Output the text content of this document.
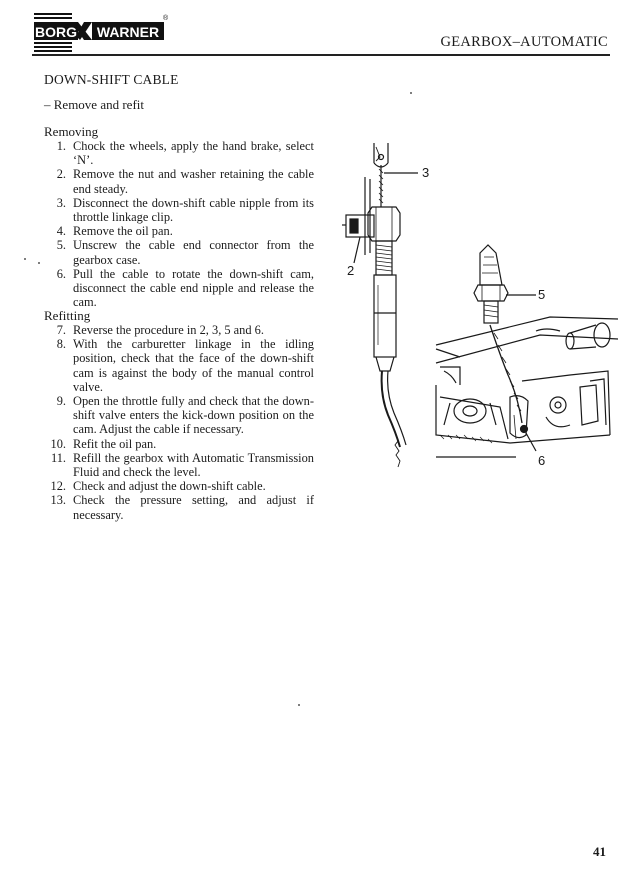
BORG WARNER
®
GEARBOX–AUTOMATIC
DOWN-SHIFT CABLE
– Remove and refit
Removing
1. Chock the wheels, apply the hand brake, select ‘N’.
2. Remove the nut and washer retaining the cable end steady.
3. Disconnect the down-shift cable nipple from its throttle linkage clip.
4. Remove the oil pan.
5. Unscrew the cable end connector from the gearbox case.
6. Pull the cable to rotate the down-shift cam, disconnect the cable end nipple and release the cam.
Refitting
7. Reverse the procedure in 2, 3, 5 and 6.
8. With the carburetter linkage in the idling position, check that the face of the down-shift cam is against the body of the manual control valve.
9. Open the throttle fully and check that the down-shift valve enters the kick-down position on the cam. Adjust the cable if necessary.
10. Refit the oil pan.
11. Refill the gearbox with Automatic Transmission Fluid and check the level.
12. Check and adjust the down-shift cable.
13. Check the pressure setting, and adjust if necessary.
3
2
5
6
41
